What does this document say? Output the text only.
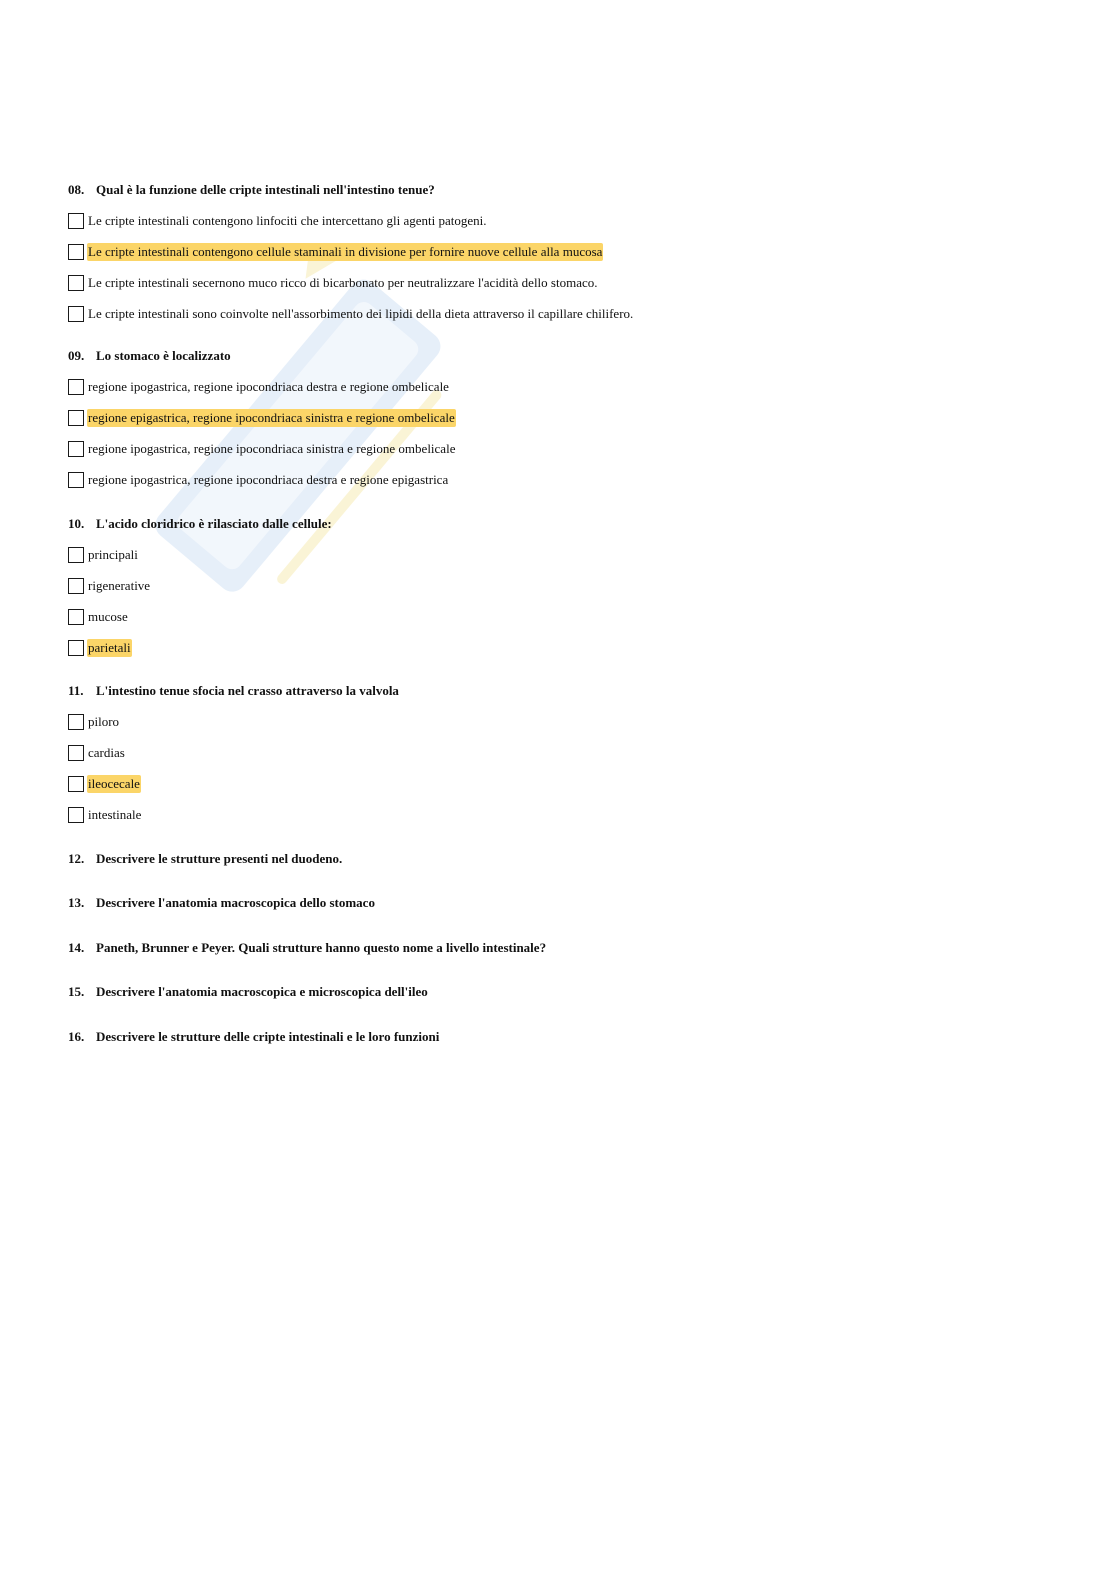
08. Qual è la funzione delle cripte intestinali nell'intestino tenue?
Le cripte intestinali contengono linfociti che intercettano gli agenti patogeni.
Le cripte intestinali contengono cellule staminali in divisione per fornire nuove cellule alla mucosa
Le cripte intestinali secernono muco ricco di bicarbonato per neutralizzare l'acidità dello stomaco.
Le cripte intestinali sono coinvolte nell'assorbimento dei lipidi della dieta attraverso il capillare chilifero.
09. Lo stomaco è localizzato
regione ipogastrica, regione ipocondriaca destra e regione ombelicale
regione epigastrica, regione ipocondriaca sinistra e regione ombelicale
regione ipogastrica, regione ipocondriaca sinistra e regione ombelicale
regione ipogastrica, regione ipocondriaca destra e regione epigastrica
10. L'acido cloridrico è rilasciato dalle cellule:
principali
rigenerative
mucose
parietali
11. L'intestino tenue sfocia nel crasso attraverso la valvola
piloro
cardias
ileocecale
intestinale
12. Descrivere le strutture presenti nel duodeno.
13. Descrivere l'anatomia macroscopica dello stomaco
14. Paneth, Brunner e Peyer. Quali strutture hanno questo nome a livello intestinale?
15. Descrivere l'anatomia macroscopica e microscopica dell'ileo
16. Descrivere le strutture delle cripte intestinali e le loro funzioni
